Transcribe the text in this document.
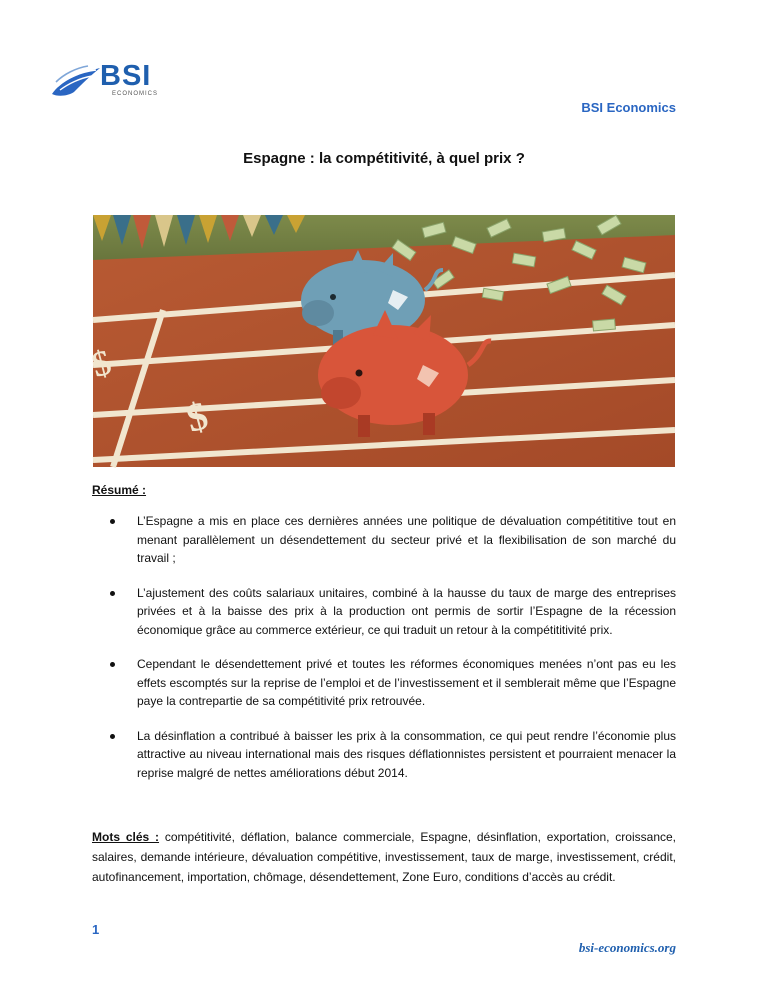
BSI
ECONOMICS
BSI Economics
Espagne : la compétitivité, à quel prix ?
$
$
Résumé :
L’Espagne a mis en place ces dernières années une politique de dévaluation compétititive tout en menant parallèlement un désendettement du secteur privé et la flexibilisation de son marché du travail ;
L’ajustement des coûts salariaux unitaires, combiné à la hausse du taux de marge des entreprises privées et à la baisse des prix à la production ont permis de sortir l’Espagne de la récession économique grâce au commerce extérieur, ce qui traduit un retour à la compétititivité prix.
Cependant le désendettement privé et toutes les réformes économiques menées n’ont pas eu les effets escomptés sur la reprise de l’emploi et de l’investissement et il semblerait même que l’Espagne paye la contrepartie de sa compétitivité prix retrouvée.
La désinflation a contribué à baisser les prix à la consommation, ce qui peut rendre l’économie plus attractive au niveau international mais des risques déflationnistes persistent et pourraient menacer la reprise malgré de nettes améliorations début 2014.
Mots clés : compétitivité, déflation, balance commerciale, Espagne, désinflation, exportation, croissance, salaires, demande intérieure, dévaluation compétitive, investissement, taux de marge, investissement, crédit, autofinancement, importation, chômage, désendettement, Zone Euro, conditions d’accès au crédit.
1
bsi-economics.org
